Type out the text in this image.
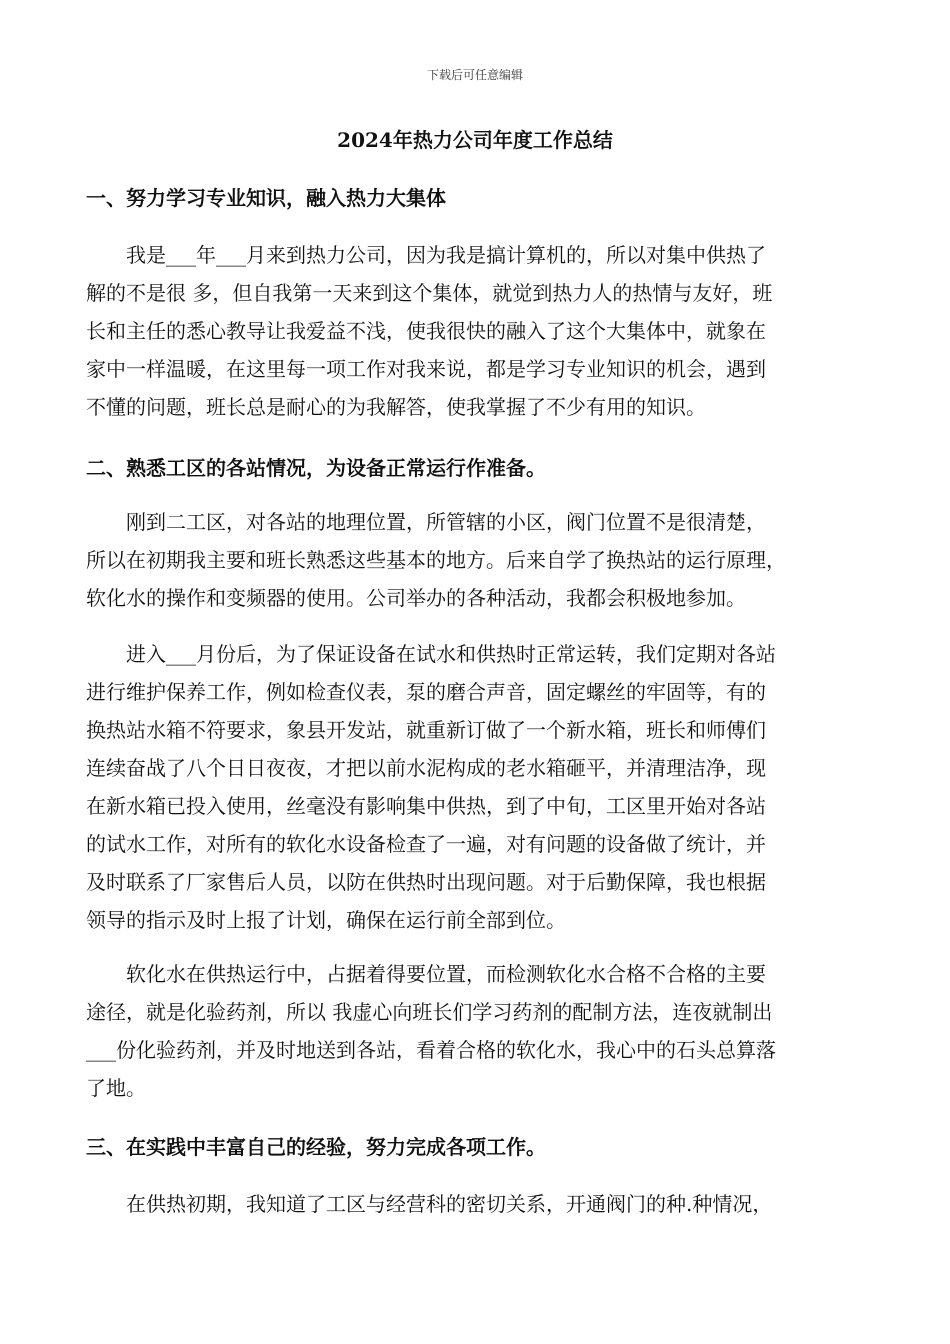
下载后可任意编辑
2024年热力公司年度工作总结
一、努力学习专业知识，融入热力大集体
　　我是___年___月来到热力公司，因为我是搞计算机的，所以对集中供热了
解的不是很 多，但自我第一天来到这个集体，就觉到热力人的热情与友好，班
长和主任的悉心教导让我爱益不浅，使我很快的融入了这个大集体中，就象在
家中一样温暖，在这里每一项工作对我来说，都是学习专业知识的机会，遇到
不懂的问题，班长总是耐心的为我解答，使我掌握了不少有用的知识。
二、熟悉工区的各站情况，为设备正常运行作准备。
　　刚到二工区，对各站的地理位置，所管辖的小区，阀门位置不是很清楚，
所以在初期我主要和班长熟悉这些基本的地方。后来自学了换热站的运行原理，
软化水的操作和变频器的使用。公司举办的各种活动，我都会积极地参加。
　　进入___月份后，为了保证设备在试水和供热时正常运转，我们定期对各站
进行维护保养工作，例如检查仪表，泵的磨合声音，固定螺丝的牢固等，有的
换热站水箱不符要求，象县开发站，就重新订做了一个新水箱，班长和师傅们
连续奋战了八个日日夜夜，才把以前水泥构成的老水箱砸平，并清理洁净，现
在新水箱已投入使用，丝毫没有影响集中供热，到了中旬，工区里开始对各站
的试水工作，对所有的软化水设备检查了一遍，对有问题的设备做了统计，并
及时联系了厂家售后人员，以防在供热时出现问题。对于后勤保障，我也根据
领导的指示及时上报了计划，确保在运行前全部到位。
　　软化水在供热运行中，占据着得要位置，而检测软化水合格不合格的主要
途径，就是化验药剂，所以 我虚心向班长们学习药剂的配制方法，连夜就制出
___份化验药剂，并及时地送到各站，看着合格的软化水，我心中的石头总算落
了地。
三、在实践中丰富自己的经验，努力完成各项工作。
　　在供热初期，我知道了工区与经营科的密切关系，开通阀门的种.种情况，
